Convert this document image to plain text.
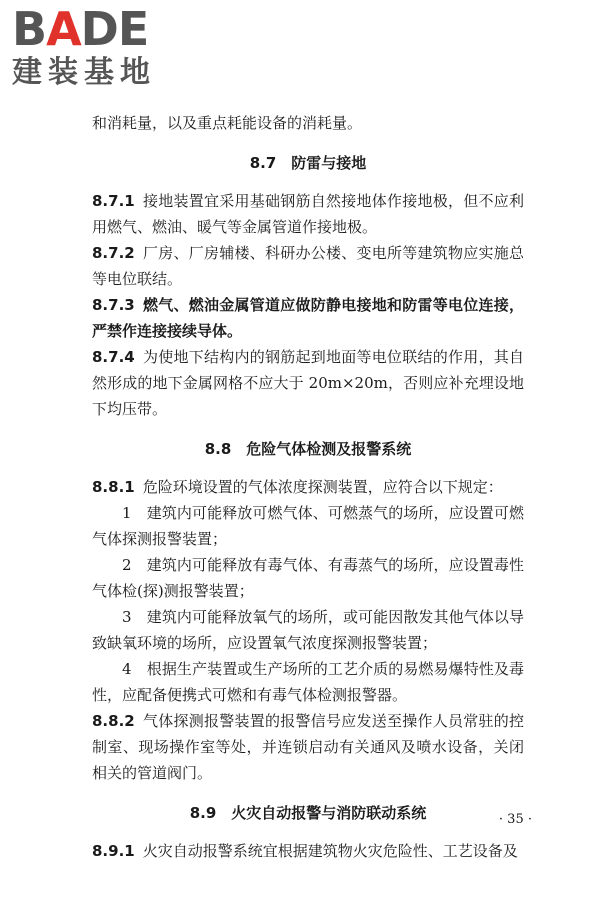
BADE
建装基地

和消耗量，以及重点耗能设备的消耗量。

8.7　防雷与接地

8.7.1 接地装置宜采用基础钢筋自然接地体作接地极，但不应利用燃气、燃油、暖气等金属管道作接地极。

8.7.2 厂房、厂房辅楼、科研办公楼、变电所等建筑物应实施总等电位联结。

8.7.3 燃气、燃油金属管道应做防静电接地和防雷等电位连接，严禁作连接接续导体。

8.7.4 为使地下结构内的钢筋起到地面等电位联结的作用，其自然形成的地下金属网格不应大于 20m×20m，否则应补充埋设地下均压带。

8.8　危险气体检测及报警系统

8.8.1 危险环境设置的气体浓度探测装置，应符合以下规定：

1　建筑内可能释放可燃气体、可燃蒸气的场所，应设置可燃气体探测报警装置；

2　建筑内可能释放有毒气体、有毒蒸气的场所，应设置毒性气体检(探)测报警装置；

3　建筑内可能释放氧气的场所，或可能因散发其他气体以导致缺氧环境的场所，应设置氧气浓度探测报警装置；

4　根据生产装置或生产场所的工艺介质的易燃易爆特性及毒性，应配备便携式可燃和有毒气体检测报警器。

8.8.2 气体探测报警装置的报警信号应发送至操作人员常驻的控制室、现场操作室等处，并连锁启动有关通风及喷水设备，关闭相关的管道阀门。

8.9　火灾自动报警与消防联动系统

8.9.1 火灾自动报警系统宜根据建筑物火灾危险性、工艺设备及

· 35 ·
